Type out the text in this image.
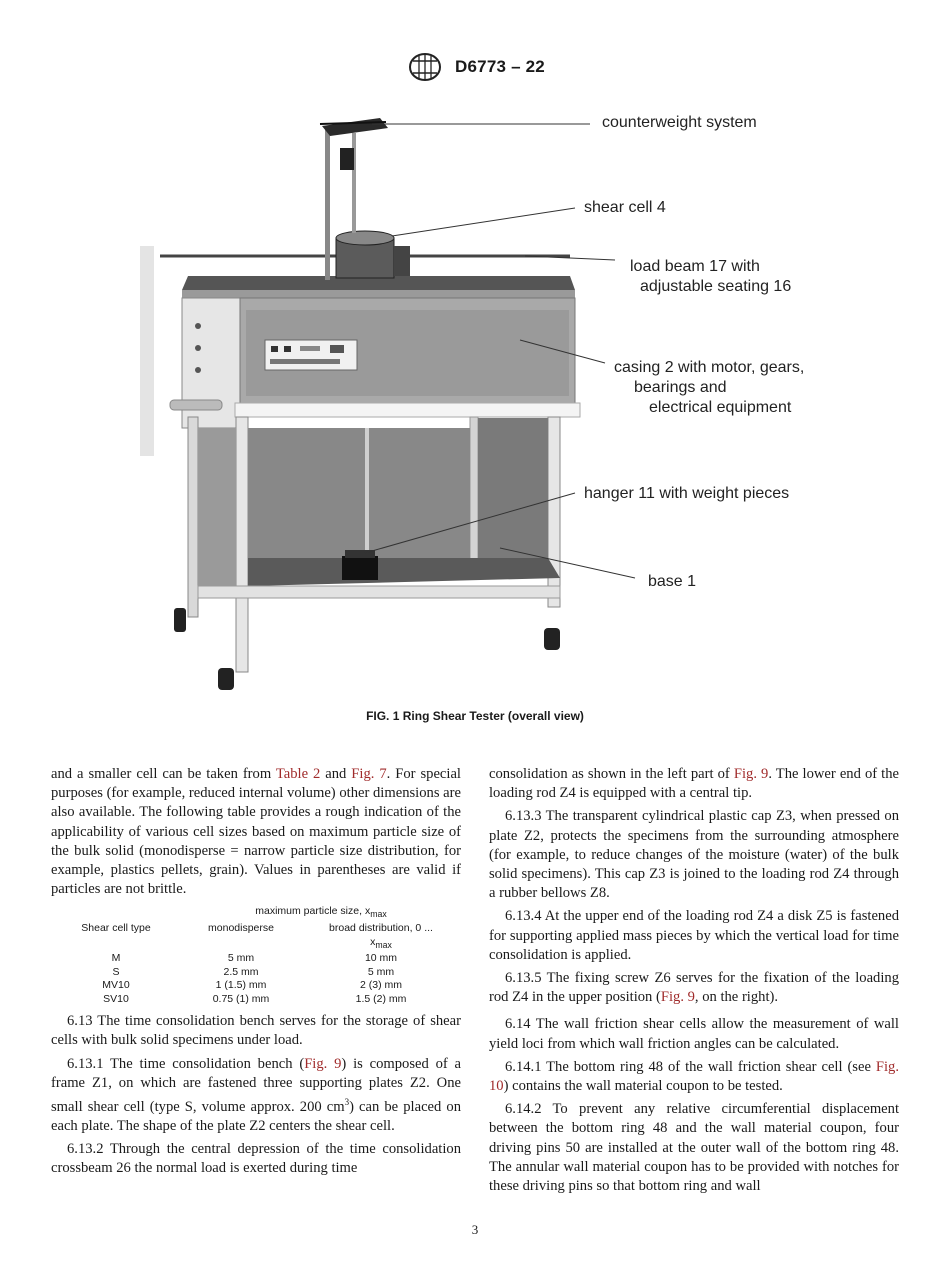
D6773 – 22
counterweight system
shear cell 4
load beam 17 with
adjustable seating 16
casing 2 with motor, gears,
bearings and
electrical equipment
hanger 11 with weight pieces
base 1
FIG. 1 Ring Shear Tester (overall view)

and a smaller cell can be taken from Table 2 and Fig. 7. For special purposes (for example, reduced internal volume) other dimensions are also available. The following table provides a rough indication of the applicability of various cell sizes based on maximum particle size of the bulk solid (monodisperse = narrow particle size distribution, for example, plastics pellets, grain). Values in parentheses are valid if particles are not brittle.

	maximum particle size, $x_{max}$
Shear cell type	monodisperse	broad distribution, 0 ...
		$x_{max}$
M	5 mm	10 mm
S	2.5 mm	5 mm
MV10	1 (1.5) mm	2 (3) mm
SV10	0.75 (1) mm	1.5 (2) mm

6.13 The time consolidation bench serves for the storage of shear cells with bulk solid specimens under load.

6.13.1 The time consolidation bench (Fig. 9) is composed of a frame Z1, on which are fastened three supporting plates Z2. One small shear cell (type S, volume approx. 200 $cm^3$) can be placed on each plate. The shape of the plate Z2 centers the shear cell.

6.13.2 Through the central depression of the time consolidation crossbeam 26 the normal load is exerted during time

consolidation as shown in the left part of Fig. 9. The lower end of the loading rod Z4 is equipped with a central tip.

6.13.3 The transparent cylindrical plastic cap Z3, when pressed on plate Z2, protects the specimens from the surrounding atmosphere (for example, to reduce changes of the moisture (water) of the bulk solid specimens). This cap Z3 is joined to the loading rod Z4 through a rubber bellows Z8.

6.13.4 At the upper end of the loading rod Z4 a disk Z5 is fastened for supporting applied mass pieces by which the vertical load for time consolidation is applied.

6.13.5 The fixing screw Z6 serves for the fixation of the loading rod Z4 in the upper position (Fig. 9, on the right).

6.14 The wall friction shear cells allow the measurement of wall yield loci from which wall friction angles can be calculated.

6.14.1 The bottom ring 48 of the wall friction shear cell (see Fig. 10) contains the wall material coupon to be tested.

6.14.2 To prevent any relative circumferential displacement between the bottom ring 48 and the wall material coupon, four driving pins 50 are installed at the outer wall of the bottom ring 48. The annular wall material coupon has to be provided with notches for these driving pins so that bottom ring and wall

3
